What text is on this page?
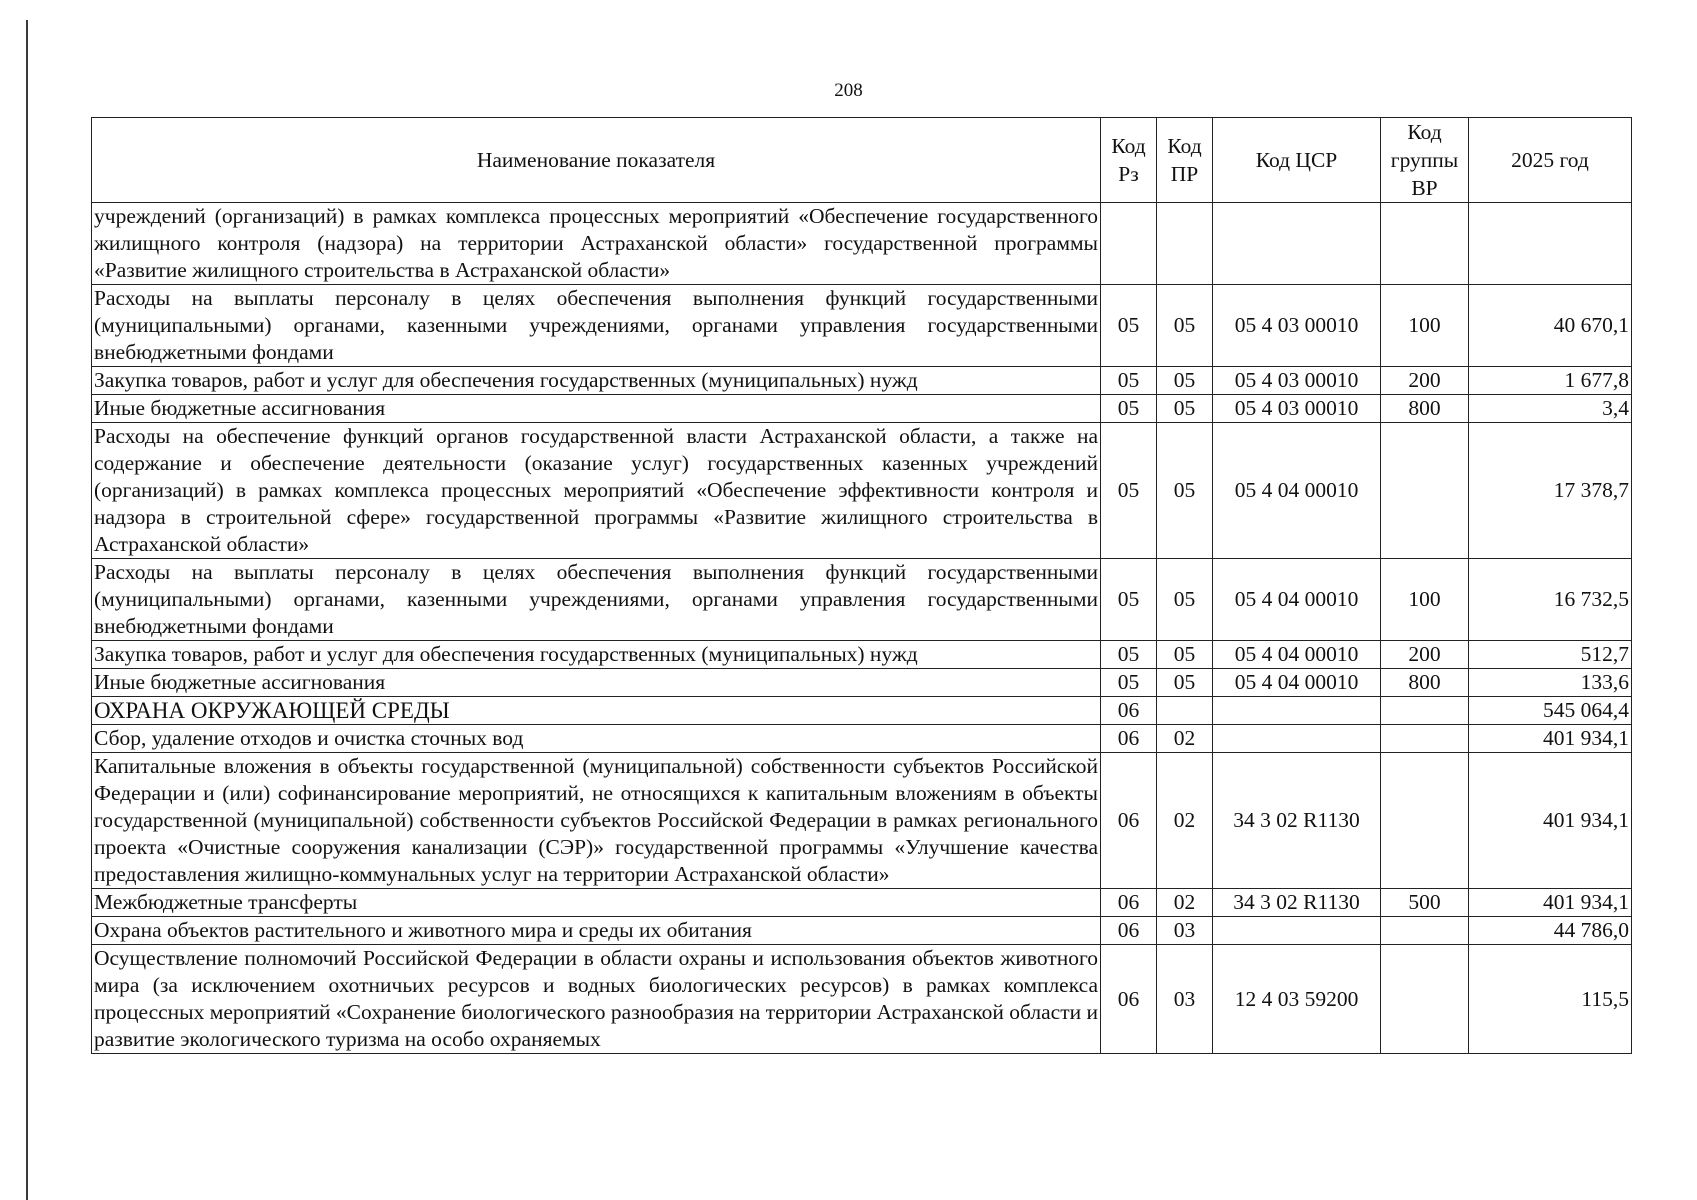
208
Наименование показателя	Код Рз	Код ПР	Код ЦСР	Код группы ВР	2025 год
учреждений (организаций) в рамках комплекса процессных мероприятий «Обеспечение государственного жилищного контроля (надзора) на территории Астраханской области» государственной программы «Развитие жилищного строительства в Астраханской области»					
Расходы на выплаты персоналу в целях обеспечения выполнения функций государственными (муниципальными) органами, казенными учреждениями, органами управления государственными внебюджетными фондами	05	05	05 4 03 00010	100	40 670,1
Закупка товаров, работ и услуг для обеспечения государственных (муниципальных) нужд	05	05	05 4 03 00010	200	1 677,8
Иные бюджетные ассигнования	05	05	05 4 03 00010	800	3,4
Расходы на обеспечение функций органов государственной власти Астраханской области, а также на содержание и обеспечение деятельности (оказание услуг) государственных казенных учреждений (организаций) в рамках комплекса процессных мероприятий «Обеспечение эффективности контроля и надзора в строительной сфере» государственной программы «Развитие жилищного строительства в Астраханской области»	05	05	05 4 04 00010		17 378,7
Расходы на выплаты персоналу в целях обеспечения выполнения функций государственными (муниципальными) органами, казенными учреждениями, органами управления государственными внебюджетными фондами	05	05	05 4 04 00010	100	16 732,5
Закупка товаров, работ и услуг для обеспечения государственных (муниципальных) нужд	05	05	05 4 04 00010	200	512,7
Иные бюджетные ассигнования	05	05	05 4 04 00010	800	133,6
ОХРАНА ОКРУЖАЮЩЕЙ СРЕДЫ	06				545 064,4
Сбор, удаление отходов и очистка сточных вод	06	02			401 934,1
Капитальные вложения в объекты государственной (муниципальной) собственности субъектов Российской Федерации и (или) софинансирование мероприятий, не относящихся к капитальным вложениям в объекты государственной (муниципальной) собственности субъектов Российской Федерации в рамках регионального проекта «Очистные сооружения канализации (СЭР)» государственной программы «Улучшение качества предоставления жилищно-коммунальных услуг на территории Астраханской области»	06	02	34 3 02 R1130		401 934,1
Межбюджетные трансферты	06	02	34 3 02 R1130	500	401 934,1
Охрана объектов растительного и животного мира и среды их обитания	06	03			44 786,0
Осуществление полномочий Российской Федерации в области охраны и использования объектов животного мира (за исключением охотничьих ресурсов и водных биологических ресурсов) в рамках комплекса процессных мероприятий «Сохранение биологического разнообразия на территории Астраханской области и развитие экологического туризма на особо охраняемых	06	03	12 4 03 59200		115,5
